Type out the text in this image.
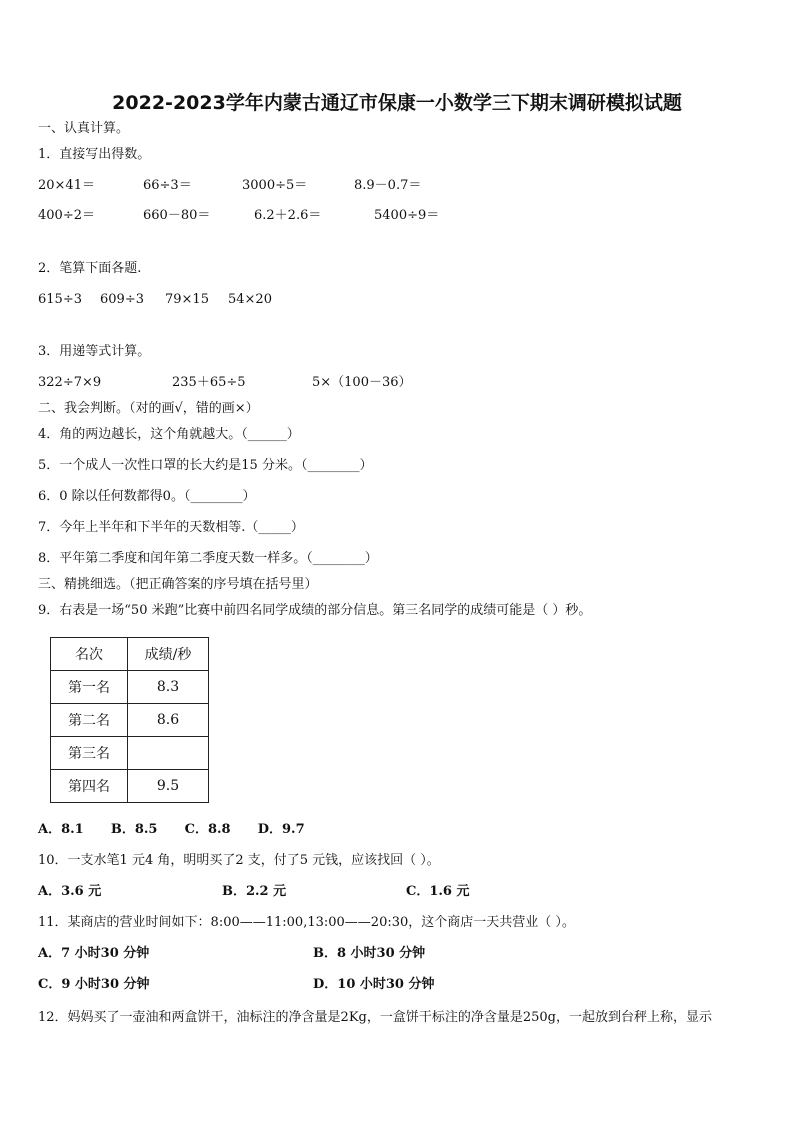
2022-2023学年内蒙古通辽市保康一小数学三下期末调研模拟试题
一、认真计算。
1．直接写出得数。
20×41＝	66÷3＝	3000÷5＝	8.9－0.7＝
400÷2＝	660－80＝	6.2＋2.6＝	5400÷9＝
2．笔算下面各题.
615÷3 609÷3 79×15 54×20
3．用递等式计算。
322÷7×9	235＋65÷5	5×（100－36）
二、我会判断。（对的画√，错的画×）
4．角的两边越长，这个角就越大。（______）
5．一个成人一次性口罩的长大约是15 分米。（________）
6．0 除以任何数都得0。（________）
7．今年上半年和下半年的天数相等.（_____）
8．平年第二季度和闰年第二季度天数一样多。（________）
三、精挑细选。（把正确答案的序号填在括号里）
9．右表是一场“50 米跑”比赛中前四名同学成绩的部分信息。第三名同学的成绩可能是（ ）秒。
名次	成绩/秒
第一名	8.3
第二名	8.6
第三名	
第四名	9.5
A．8.1      B．8.5      C．8.8      D．9.7
10．一支水笔1 元4 角，明明买了2 支，付了5 元钱，应该找回（ ）。
A．3.6 元	B．2.2 元	C．1.6 元
11．某商店的营业时间如下：8:00——11:00,13:00——20:30，这个商店一天共营业（ ）。
A．7 小时30 分钟	B．8 小时30 分钟
C．9 小时30 分钟	D．10 小时30 分钟
12．妈妈买了一壶油和两盒饼干，油标注的净含量是2Kg，一盒饼干标注的净含量是250g，一起放到台秤上称，显示
